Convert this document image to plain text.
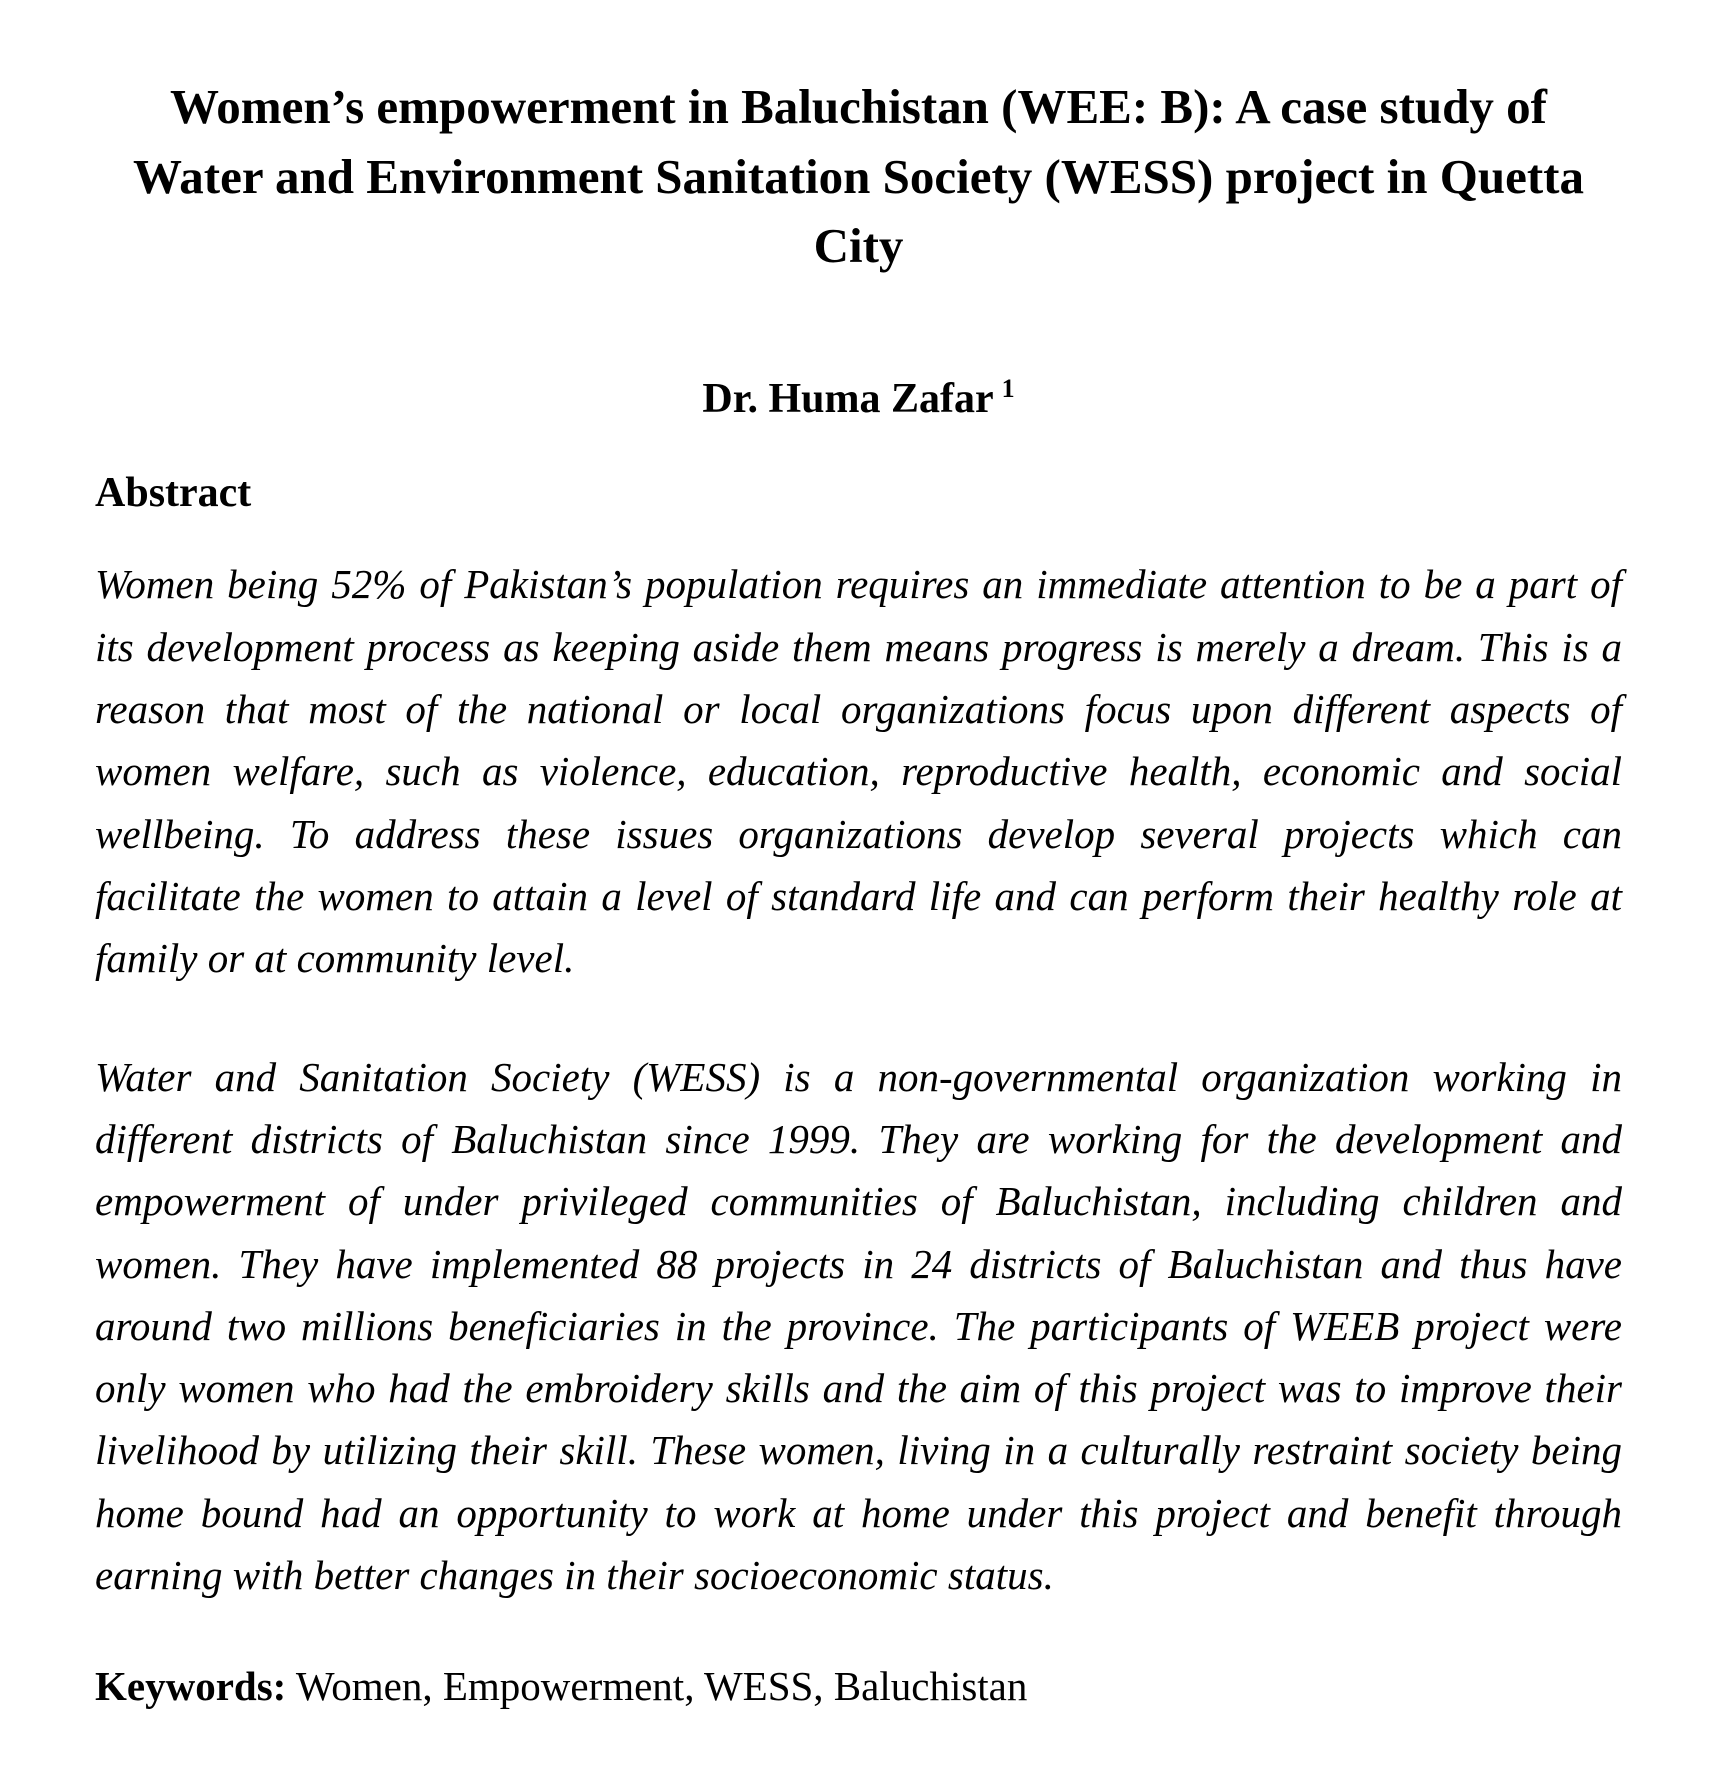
Women’s empowerment in Baluchistan (WEE: B): A case study of Water and Environment Sanitation Society (WESS) project in Quetta City
Dr. Huma Zafar $^1$
Abstract

Women being 52% of Pakistan’s population requires an immediate attention to be a part of its development process as keeping aside them means progress is merely a dream. This is a reason that most of the national or local organizations focus upon different aspects of women welfare, such as violence, education, reproductive health, economic and social wellbeing. To address these issues organizations develop several projects which can facilitate the women to attain a level of standard life and can perform their healthy role at family or at community level.

Water and Sanitation Society (WESS) is a non-governmental organization working in different districts of Baluchistan since 1999. They are working for the development and empowerment of under privileged communities of Baluchistan, including children and women. They have implemented 88 projects in 24 districts of Baluchistan and thus have around two millions beneficiaries in the province. The participants of WEEB project were only women who had the embroidery skills and the aim of this project was to improve their livelihood by utilizing their skill. These women, living in a culturally restraint society being home bound had an opportunity to work at home under this project and benefit through earning with better changes in their socioeconomic status.

Keywords: Women, Empowerment, WESS, Baluchistan
